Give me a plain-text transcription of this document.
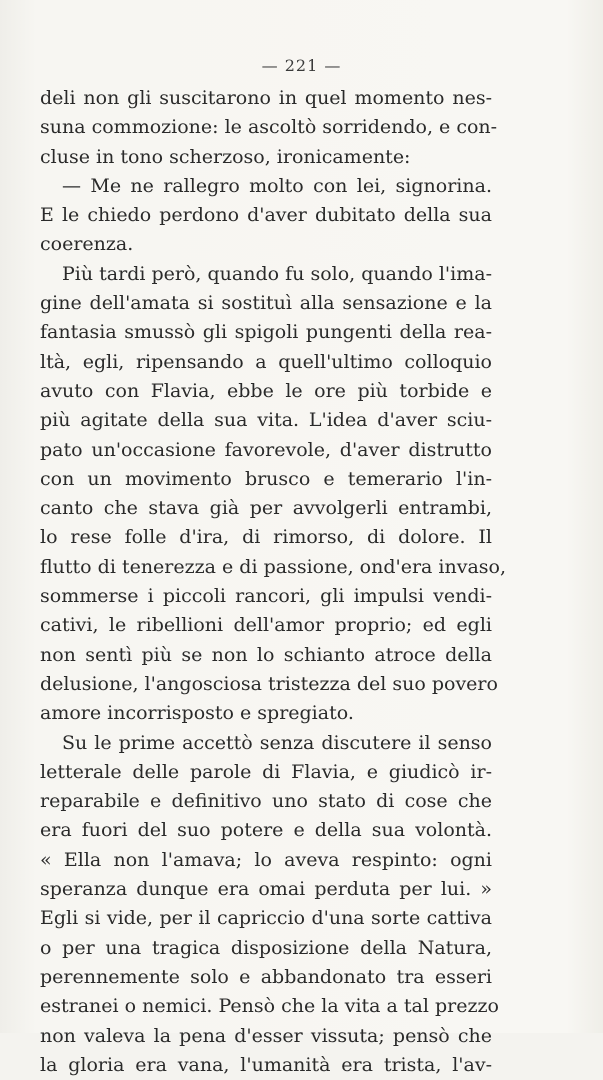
— 221 —
deli non gli suscitarono in quel momento nes-
suna commozione: le ascoltò sorridendo, e con-
cluse in tono scherzoso, ironicamente:
— Me ne rallegro molto con lei, signorina.
E le chiedo perdono d'aver dubitato della sua
coerenza.
Più tardi però, quando fu solo, quando l'ima-
gine dell'amata si sostituì alla sensazione e la
fantasia smussò gli spigoli pungenti della rea-
ltà, egli, ripensando a quell'ultimo colloquio
avuto con Flavia, ebbe le ore più torbide e
più agitate della sua vita. L'idea d'aver sciu-
pato un'occasione favorevole, d'aver distrutto
con un movimento brusco e temerario l'in-
canto che stava già per avvolgerli entrambi,
lo rese folle d'ira, di rimorso, di dolore. Il
flutto di tenerezza e di passione, ond'era invaso,
sommerse i piccoli rancori, gli impulsi vendi-
cativi, le ribellioni dell'amor proprio; ed egli
non sentì più se non lo schianto atroce della
delusione, l'angosciosa tristezza del suo povero
amore incorrisposto e spregiato.
Su le prime accettò senza discutere il senso
letterale delle parole di Flavia, e giudicò ir-
reparabile e definitivo uno stato di cose che
era fuori del suo potere e della sua volontà.
« Ella non l'amava; lo aveva respinto: ogni
speranza dunque era omai perduta per lui. »
Egli si vide, per il capriccio d'una sorte cattiva
o per una tragica disposizione della Natura,
perennemente solo e abbandonato tra esseri
estranei o nemici. Pensò che la vita a tal prezzo
non valeva la pena d'esser vissuta; pensò che
la gloria era vana, l'umanità era trista, l'av-
